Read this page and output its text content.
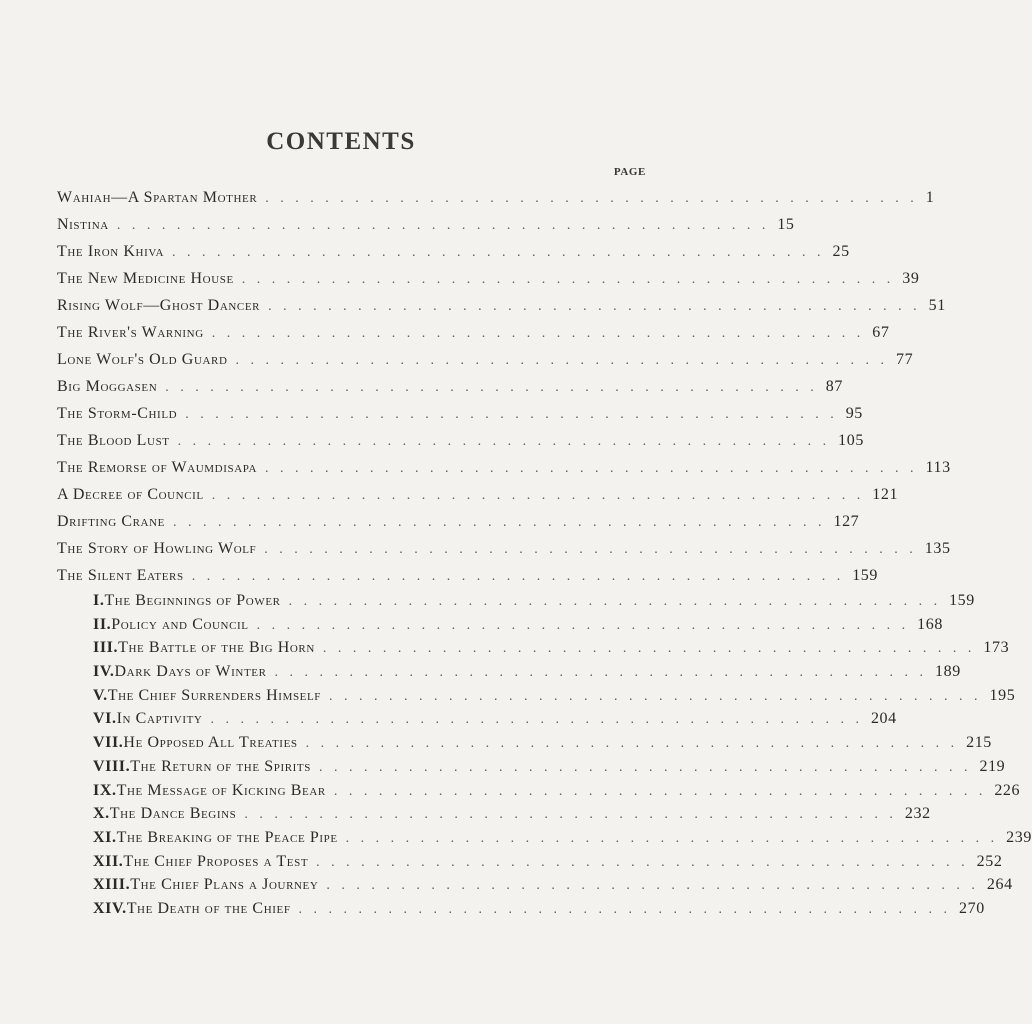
CONTENTS
PAGE
Wahiah—A Spartan Mother . . . . . . . . . . . . . . . . . . . . . . . . . . . . . . . . . . . . . . . . . . . . 1
Nistina . . . . . . . . . . . . . . . . . . . . . . . . . . . . . . . . . . . . . . . . . . . . 15
The Iron Khiva . . . . . . . . . . . . . . . . . . . . . . . . . . . . . . . . . . . . . . . . . . . . 25
The New Medicine House . . . . . . . . . . . . . . . . . . . . . . . . . . . . . . . . . . . . . . . . . . . . 39
Rising Wolf—Ghost Dancer . . . . . . . . . . . . . . . . . . . . . . . . . . . . . . . . . . . . . . . . . . . . 51
The River's Warning . . . . . . . . . . . . . . . . . . . . . . . . . . . . . . . . . . . . . . . . . . . . 67
Lone Wolf's Old Guard . . . . . . . . . . . . . . . . . . . . . . . . . . . . . . . . . . . . . . . . . . . . 77
Big Moggasen . . . . . . . . . . . . . . . . . . . . . . . . . . . . . . . . . . . . . . . . . . . . 87
The Storm-Child . . . . . . . . . . . . . . . . . . . . . . . . . . . . . . . . . . . . . . . . . . . . 95
The Blood Lust . . . . . . . . . . . . . . . . . . . . . . . . . . . . . . . . . . . . . . . . . . . . 105
The Remorse of Waumdisapa . . . . . . . . . . . . . . . . . . . . . . . . . . . . . . . . . . . . . . . . . . . . 113
A Decree of Council . . . . . . . . . . . . . . . . . . . . . . . . . . . . . . . . . . . . . . . . . . . . 121
Drifting Crane . . . . . . . . . . . . . . . . . . . . . . . . . . . . . . . . . . . . . . . . . . . . 127
The Story of Howling Wolf . . . . . . . . . . . . . . . . . . . . . . . . . . . . . . . . . . . . . . . . . . . . 135
The Silent Eaters . . . . . . . . . . . . . . . . . . . . . . . . . . . . . . . . . . . . . . . . . . . . 159
I. The Beginnings of Power . . . . . . . . . . . . . . . . . . . . . . . . . . . . . . . . . . . . . . . . . . . . 159
II. Policy and Council . . . . . . . . . . . . . . . . . . . . . . . . . . . . . . . . . . . . . . . . . . . . 168
III. The Battle of the Big Horn . . . . . . . . . . . . . . . . . . . . . . . . . . . . . . . . . . . . . . . . . . . . 173
IV. Dark Days of Winter . . . . . . . . . . . . . . . . . . . . . . . . . . . . . . . . . . . . . . . . . . . . 189
V. The Chief Surrenders Himself . . . . . . . . . . . . . . . . . . . . . . . . . . . . . . . . . . . . . . . . . . . . 195
VI. In Captivity . . . . . . . . . . . . . . . . . . . . . . . . . . . . . . . . . . . . . . . . . . . . 204
VII. He Opposed All Treaties . . . . . . . . . . . . . . . . . . . . . . . . . . . . . . . . . . . . . . . . . . . . 215
VIII. The Return of the Spirits . . . . . . . . . . . . . . . . . . . . . . . . . . . . . . . . . . . . . . . . . . . . 219
IX. The Message of Kicking Bear . . . . . . . . . . . . . . . . . . . . . . . . . . . . . . . . . . . . . . . . . . . . 226
X. The Dance Begins . . . . . . . . . . . . . . . . . . . . . . . . . . . . . . . . . . . . . . . . . . . . 232
XI. The Breaking of the Peace Pipe . . . . . . . . . . . . . . . . . . . . . . . . . . . . . . . . . . . . . . . . . . . . 239
XII. The Chief Proposes a Test . . . . . . . . . . . . . . . . . . . . . . . . . . . . . . . . . . . . . . . . . . . . 252
XIII. The Chief Plans a Journey . . . . . . . . . . . . . . . . . . . . . . . . . . . . . . . . . . . . . . . . . . . . 264
XIV. The Death of the Chief . . . . . . . . . . . . . . . . . . . . . . . . . . . . . . . . . . . . . . . . . . . . 270
